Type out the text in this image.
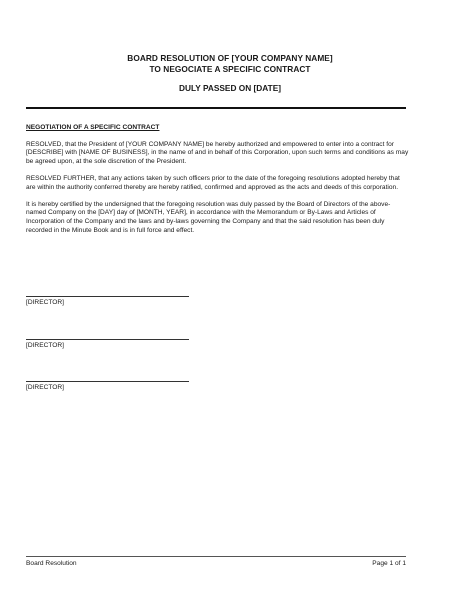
BOARD RESOLUTION OF [YOUR COMPANY NAME]
TO NEGOCIATE A SPECIFIC CONTRACT
DULY PASSED ON [DATE]
NEGOTIATION OF A SPECIFIC CONTRACT

RESOLVED, that the President of [YOUR COMPANY NAME] be hereby authorized and empowered to enter into a contract for [DESCRIBE] with [NAME OF BUSINESS], in the name of and in behalf of this Corporation, upon such terms and conditions as may be agreed upon, at the sole discretion of the President.

RESOLVED FURTHER, that any actions taken by such officers prior to the date of the foregoing resolutions adopted hereby that are within the authority conferred thereby are hereby ratified, confirmed and approved as the acts and deeds of this corporation.

It is hereby certified by the undersigned that the foregoing resolution was duly passed by the Board of Directors of the above-named Company on the [DAY] day of [MONTH, YEAR], in accordance with the Memorandum or By-Laws and Articles of Incorporation of the Company and the laws and by-laws governing the Company and that the said resolution has been duly recorded in the Minute Book and is in full force and effect.

[DIRECTOR]
[DIRECTOR]
[DIRECTOR]
Board Resolution	Page 1 of 1
